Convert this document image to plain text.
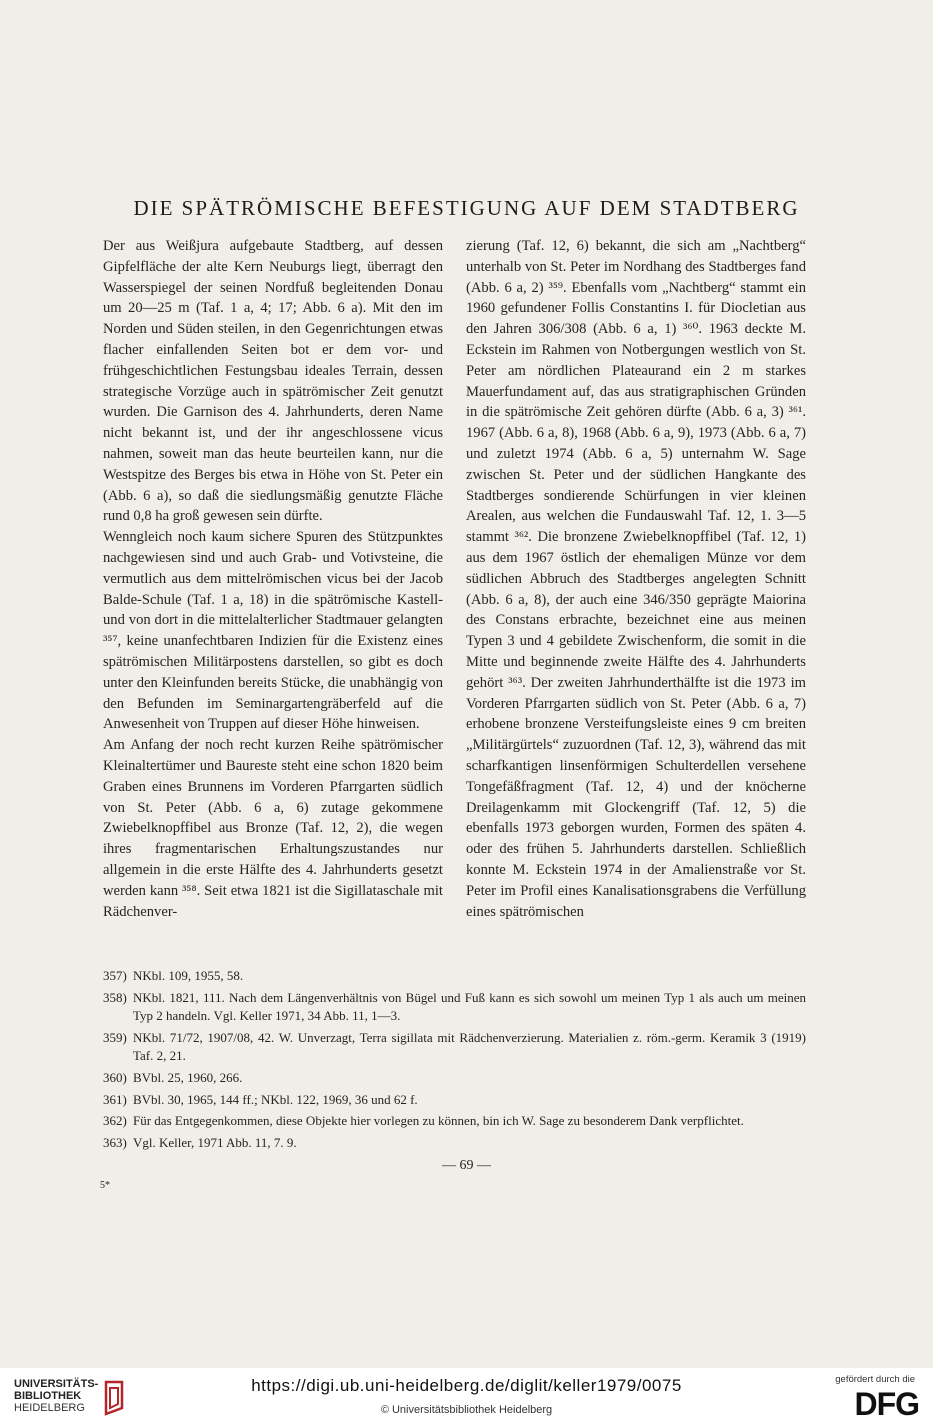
DIE SPÄTRÖMISCHE BEFESTIGUNG AUF DEM STADTBERG

Der aus Weißjura aufgebaute Stadtberg, auf dessen Gipfelfläche der alte Kern Neuburgs liegt, überragt den Wasserspiegel der seinen Nordfuß begleitenden Donau um 20—25 m (Taf. 1 a, 4; 17; Abb. 6 a). Mit den im Norden und Süden steilen, in den Gegenrichtungen etwas flacher einfallenden Seiten bot er dem vor- und frühgeschichtlichen Festungsbau ideales Terrain, dessen strategische Vorzüge auch in spätrömischer Zeit genutzt wurden. Die Garnison des 4. Jahrhunderts, deren Name nicht bekannt ist, und der ihr angeschlossene vicus nahmen, soweit man das heute beurteilen kann, nur die Westspitze des Berges bis etwa in Höhe von St. Peter ein (Abb. 6 a), so daß die siedlungsmäßig genutzte Fläche rund 0,8 ha groß gewesen sein dürfte.

Wenngleich noch kaum sichere Spuren des Stützpunktes nachgewiesen sind und auch Grab- und Votivsteine, die vermutlich aus dem mittelrömischen vicus bei der Jacob Balde-Schule (Taf. 1 a, 18) in die spätrömische Kastell- und von dort in die mittelalterlicher Stadtmauer gelangten ³⁵⁷, keine unanfechtbaren Indizien für die Existenz eines spätrömischen Militärpostens darstellen, so gibt es doch unter den Kleinfunden bereits Stücke, die unabhängig von den Befunden im Seminargartengräberfeld auf die Anwesenheit von Truppen auf dieser Höhe hinweisen.

Am Anfang der noch recht kurzen Reihe spätrömischer Kleinaltertümer und Baureste steht eine schon 1820 beim Graben eines Brunnens im Vorderen Pfarrgarten südlich von St. Peter (Abb. 6 a, 6) zutage gekommene Zwiebelknopffibel aus Bronze (Taf. 12, 2), die wegen ihres fragmentarischen Erhaltungszustandes nur allgemein in die erste Hälfte des 4. Jahrhunderts gesetzt werden kann ³⁵⁸. Seit etwa 1821 ist die Sigillataschale mit Rädchenver-

zierung (Taf. 12, 6) bekannt, die sich am „Nachtberg“ unterhalb von St. Peter im Nordhang des Stadtberges fand (Abb. 6 a, 2) ³⁵⁹. Ebenfalls vom „Nachtberg“ stammt ein 1960 gefundener Follis Constantins I. für Diocletian aus den Jahren 306/308 (Abb. 6 a, 1) ³⁶⁰. 1963 deckte M. Eckstein im Rahmen von Notbergungen westlich von St. Peter am nördlichen Plateaurand ein 2 m starkes Mauerfundament auf, das aus stratigraphischen Gründen in die spätrömische Zeit gehören dürfte (Abb. 6 a, 3) ³⁶¹. 1967 (Abb. 6 a, 8), 1968 (Abb. 6 a, 9), 1973 (Abb. 6 a, 7) und zuletzt 1974 (Abb. 6 a, 5) unternahm W. Sage zwischen St. Peter und der südlichen Hangkante des Stadtberges sondierende Schürfungen in vier kleinen Arealen, aus welchen die Fundauswahl Taf. 12, 1. 3—5 stammt ³⁶². Die bronzene Zwiebelknopffibel (Taf. 12, 1) aus dem 1967 östlich der ehemaligen Münze vor dem südlichen Abbruch des Stadtberges angelegten Schnitt (Abb. 6 a, 8), der auch eine 346/350 geprägte Maiorina des Constans erbrachte, bezeichnet eine aus meinen Typen 3 und 4 gebildete Zwischenform, die somit in die Mitte und beginnende zweite Hälfte des 4. Jahrhunderts gehört ³⁶³. Der zweiten Jahrhunderthälfte ist die 1973 im Vorderen Pfarrgarten südlich von St. Peter (Abb. 6 a, 7) erhobene bronzene Versteifungsleiste eines 9 cm breiten „Militärgürtels“ zuzuordnen (Taf. 12, 3), während das mit scharfkantigen linsenförmigen Schulterdellen versehene Tongefäßfragment (Taf. 12, 4) und der knöcherne Dreilagenkamm mit Glockengriff (Taf. 12, 5) die ebenfalls 1973 geborgen wurden, Formen des späten 4. oder des frühen 5. Jahrhunderts darstellen. Schließlich konnte M. Eckstein 1974 in der Amalienstraße vor St. Peter im Profil eines Kanalisationsgrabens die Verfüllung eines spätrömischen

357) NKbl. 109, 1955, 58.
358) NKbl. 1821, 111. Nach dem Längenverhältnis von Bügel und Fuß kann es sich sowohl um meinen Typ 1 als auch um meinen Typ 2 handeln. Vgl. Keller 1971, 34 Abb. 11, 1—3.
359) NKbl. 71/72, 1907/08, 42. W. Unverzagt, Terra sigillata mit Rädchenverzierung. Materialien z. röm.-germ. Keramik 3 (1919) Taf. 2, 21.
360) BVbl. 25, 1960, 266.
361) BVbl. 30, 1965, 144 ff.; NKbl. 122, 1969, 36 und 62 f.
362) Für das Entgegenkommen, diese Objekte hier vorlegen zu können, bin ich W. Sage zu besonderem Dank verpflichtet.
363) Vgl. Keller, 1971 Abb. 11, 7. 9.
— 69 —
5*
UNIVERSITÄTS-
BIBLIOTHEK
HEIDELBERG
https://digi.ub.uni-heidelberg.de/diglit/keller1979/0075
© Universitätsbibliothek Heidelberg
gefördert durch die
DFG
